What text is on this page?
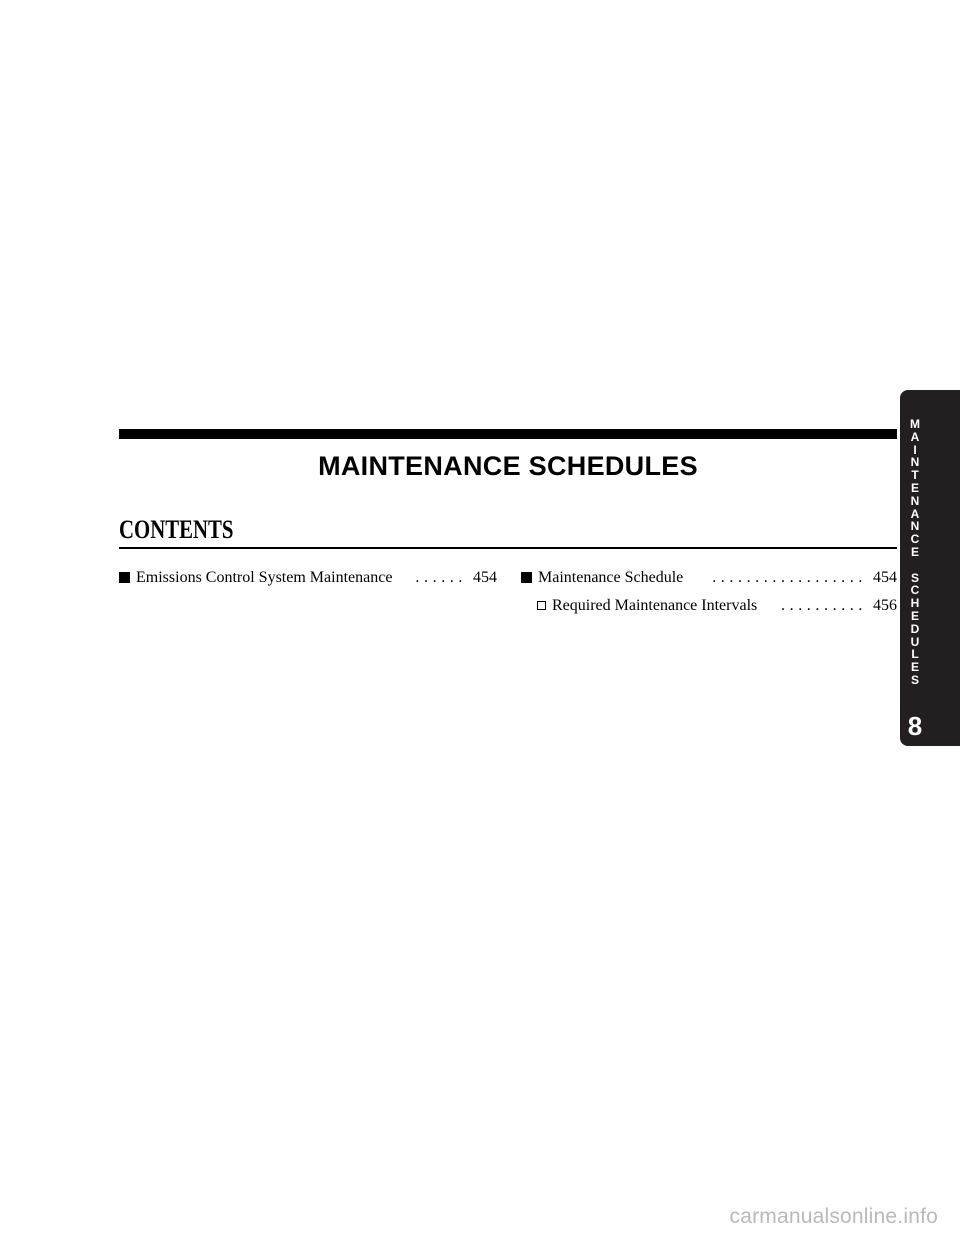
MAINTENANCE SCHEDULES
CONTENTS
Emissions Control System Maintenance	...... 454	Maintenance Schedule	.................. 454
Required Maintenance Intervals	.......... 456
M
A
I
N
T
E
N
A
N
C
E
S
C
H
E
D
U
L
E
S
8
carmanualsonline.info
